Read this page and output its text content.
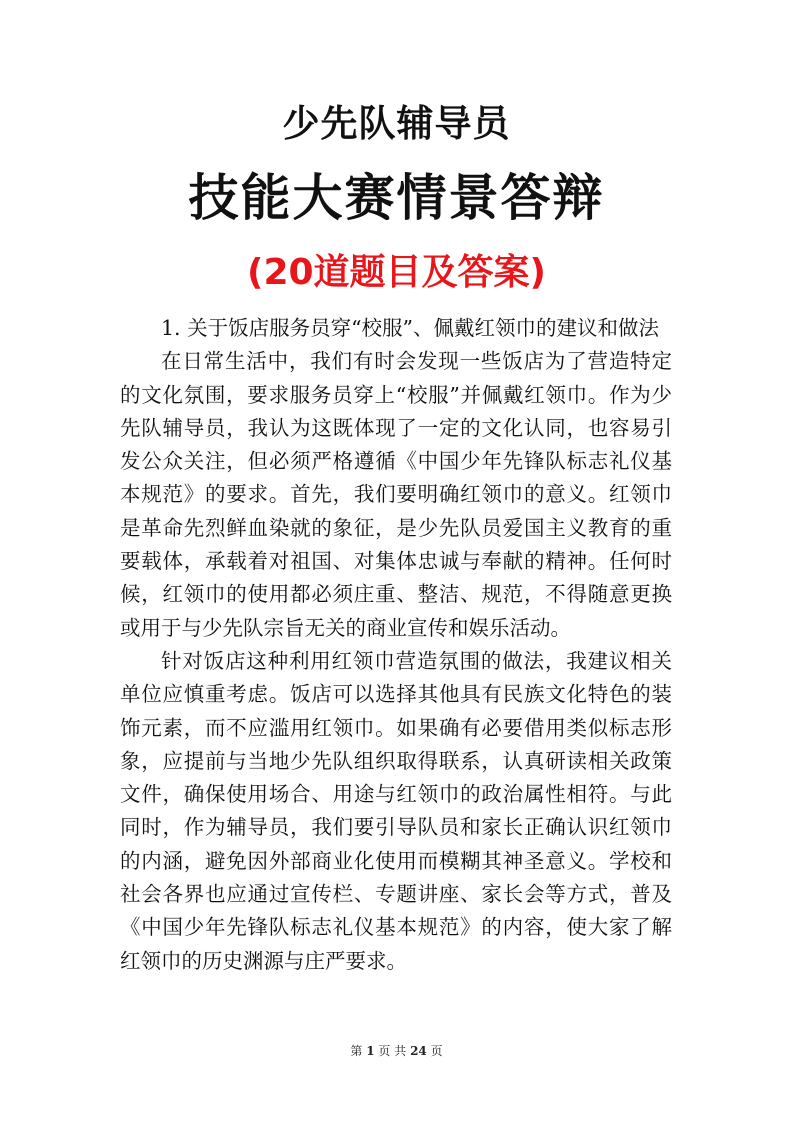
少先队辅导员
技能大赛情景答辩
(20道题目及答案)

1. 关于饭店服务员穿“校服”、佩戴红领巾的建议和做法

在日常生活中，我们有时会发现一些饭店为了营造特定的文化氛围，要求服务员穿上“校服”并佩戴红领巾。作为少先队辅导员，我认为这既体现了一定的文化认同，也容易引发公众关注，但必须严格遵循《中国少年先锋队标志礼仪基本规范》的要求。首先，我们要明确红领巾的意义。红领巾是革命先烈鲜血染就的象征，是少先队员爱国主义教育的重要载体，承载着对祖国、对集体忠诚与奉献的精神。任何时候，红领巾的使用都必须庄重、整洁、规范，不得随意更换或用于与少先队宗旨无关的商业宣传和娱乐活动。

针对饭店这种利用红领巾营造氛围的做法，我建议相关单位应慎重考虑。饭店可以选择其他具有民族文化特色的装饰元素，而不应滥用红领巾。如果确有必要借用类似标志形象，应提前与当地少先队组织取得联系，认真研读相关政策文件，确保使用场合、用途与红领巾的政治属性相符。与此同时，作为辅导员，我们要引导队员和家长正确认识红领巾的内涵，避免因外部商业化使用而模糊其神圣意义。学校和社会各界也应通过宣传栏、专题讲座、家长会等方式，普及《中国少年先锋队标志礼仪基本规范》的内容，使大家了解红领巾的历史渊源与庄严要求。

第 1 页 共 24 页
